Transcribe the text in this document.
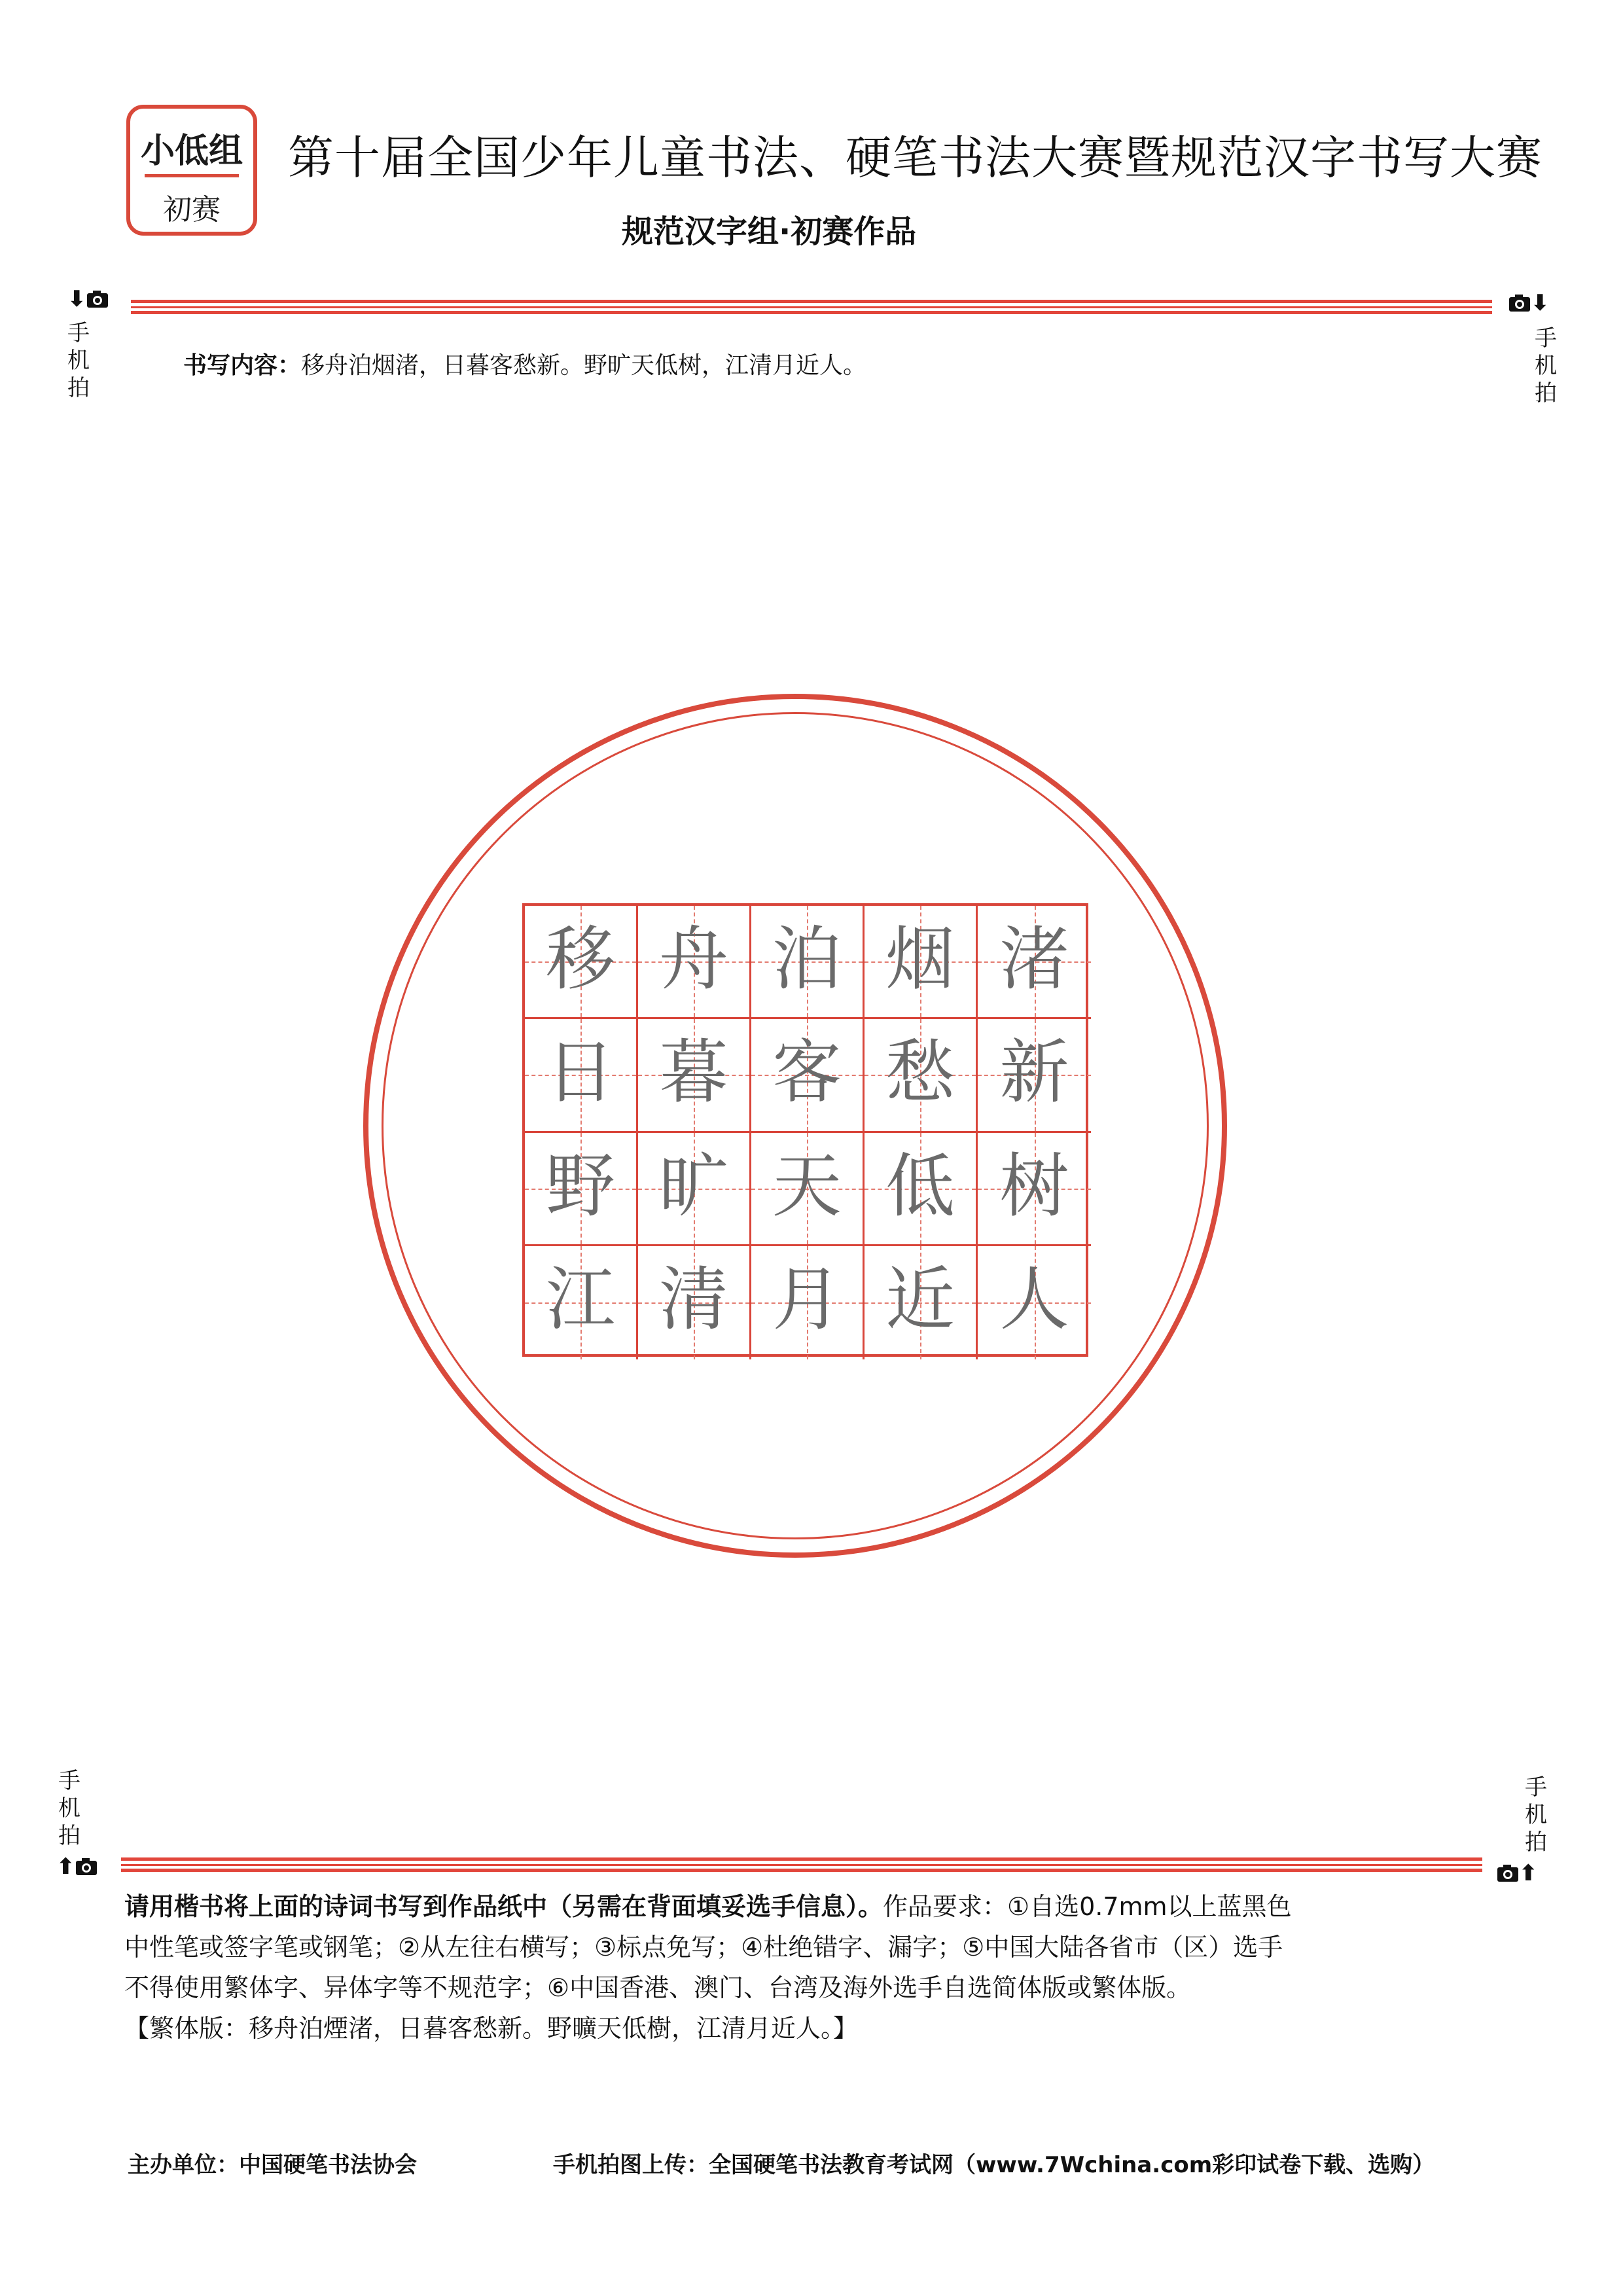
小低组
初赛
第十届全国少年儿童书法、硬笔书法大赛暨规范汉字书写大赛
规范汉字组·初赛作品
⬇
手机拍
⬇
手机拍
书写内容：移舟泊烟渚，日暮客愁新。野旷天低树，江清月近人。
移 舟 泊 烟 渚
日 暮 客 愁 新
野 旷 天 低 树
江 清 月 近 人
手机拍
⬆
手机拍
⬆

请用楷书将上面的诗词书写到作品纸中（另需在背面填妥选手信息）。作品要求：①自选0.7mm以上蓝黑色

中性笔或签字笔或钢笔；②从左往右横写；③标点免写；④杜绝错字、漏字；⑤中国大陆各省市（区）选手

不得使用繁体字、异体字等不规范字；⑥中国香港、澳门、台湾及海外选手自选简体版或繁体版。

【繁体版：移舟泊煙渚，日暮客愁新。野曠天低樹，江清月近人。】

主办单位：中国硬笔书法协会	手机拍图上传：全国硬笔书法教育考试网（www.7Wchina.com彩印试卷下载、选购）
